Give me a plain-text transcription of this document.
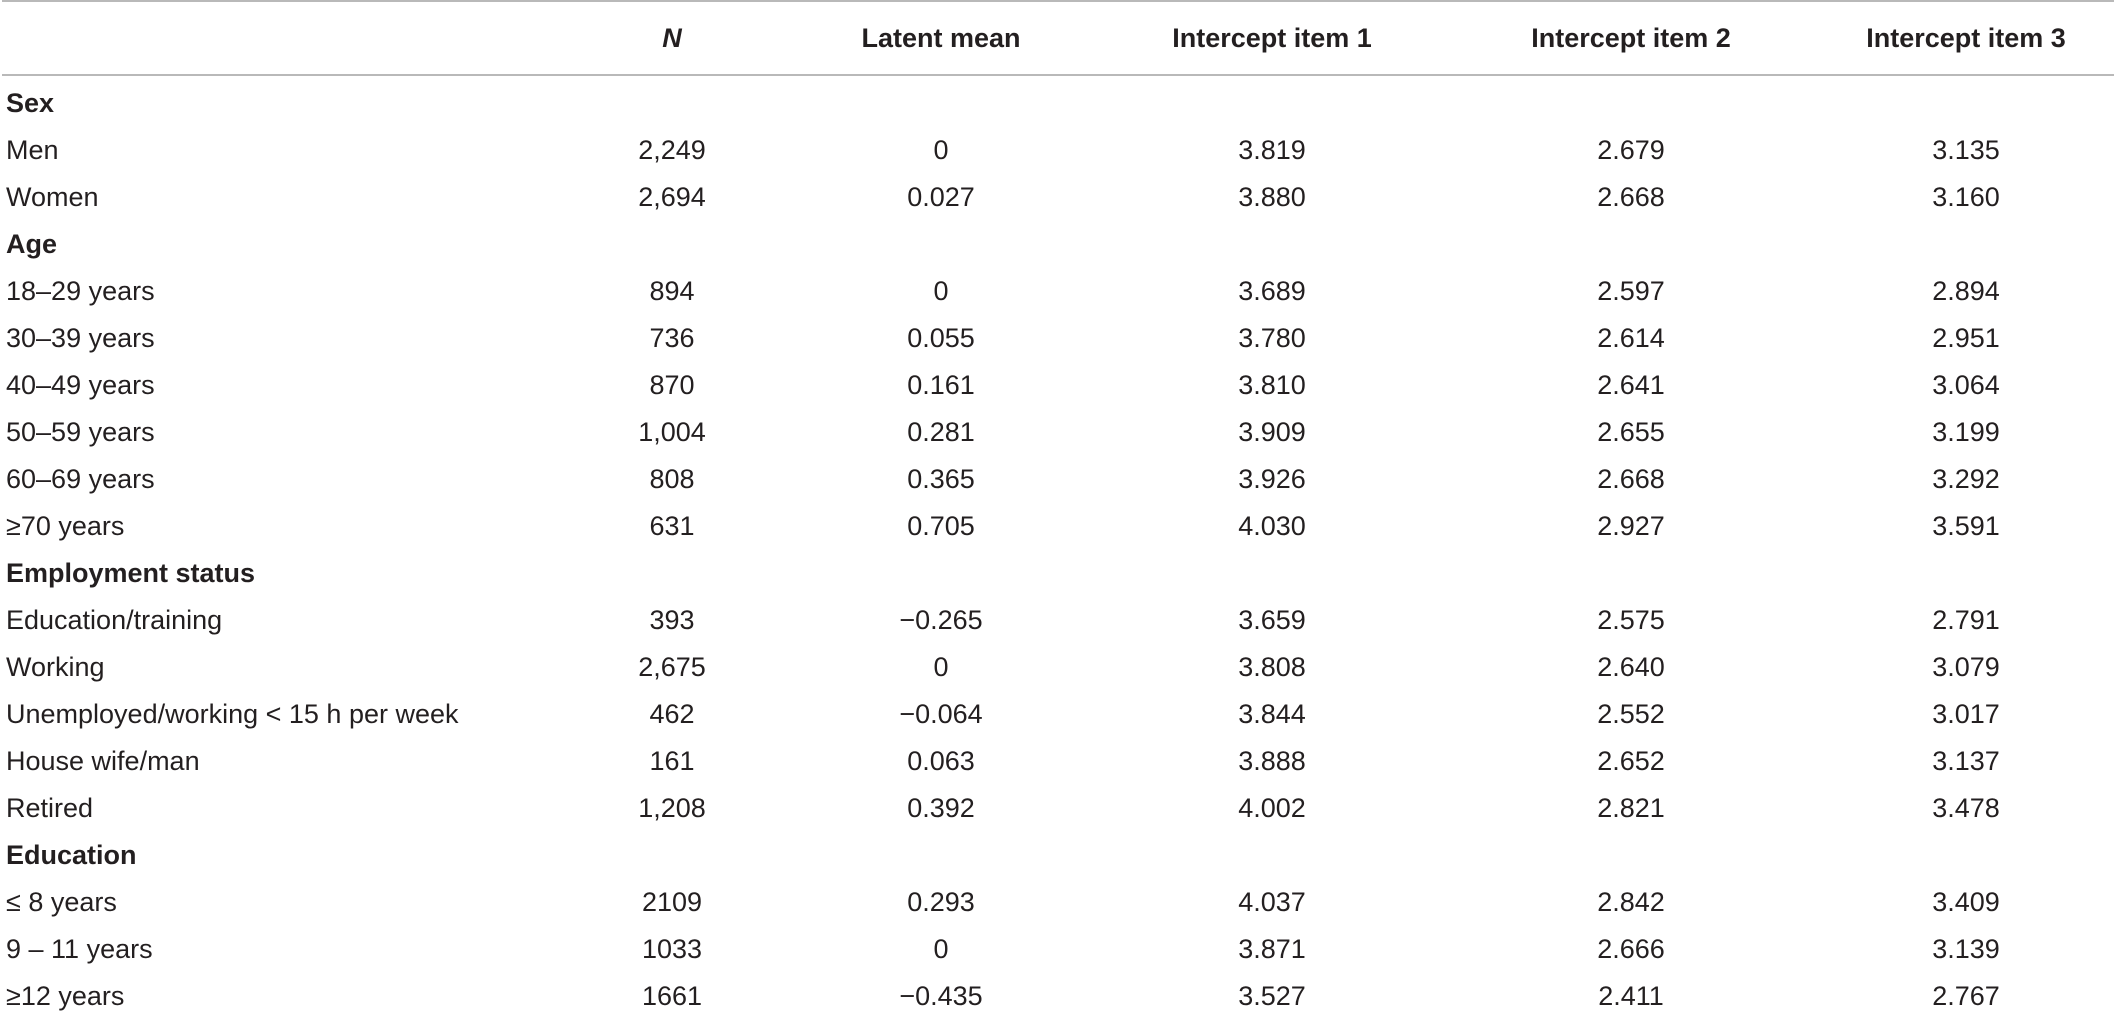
	N	Latent mean	Intercept item 1	Intercept item 2	Intercept item 3
Sex					
Men	2,249	0	3.819	2.679	3.135
Women	2,694	0.027	3.880	2.668	3.160
Age					
18–29 years	894	0	3.689	2.597	2.894
30–39 years	736	0.055	3.780	2.614	2.951
40–49 years	870	0.161	3.810	2.641	3.064
50–59 years	1,004	0.281	3.909	2.655	3.199
60–69 years	808	0.365	3.926	2.668	3.292
≥70 years	631	0.705	4.030	2.927	3.591
Employment status					
Education/training	393	−0.265	3.659	2.575	2.791
Working	2,675	0	3.808	2.640	3.079
Unemployed/working < 15 h per week	462	−0.064	3.844	2.552	3.017
House wife/man	161	0.063	3.888	2.652	3.137
Retired	1,208	0.392	4.002	2.821	3.478
Education					
≤ 8 years	2109	0.293	4.037	2.842	3.409
9 – 11 years	1033	0	3.871	2.666	3.139
≥12 years	1661	−0.435	3.527	2.411	2.767
